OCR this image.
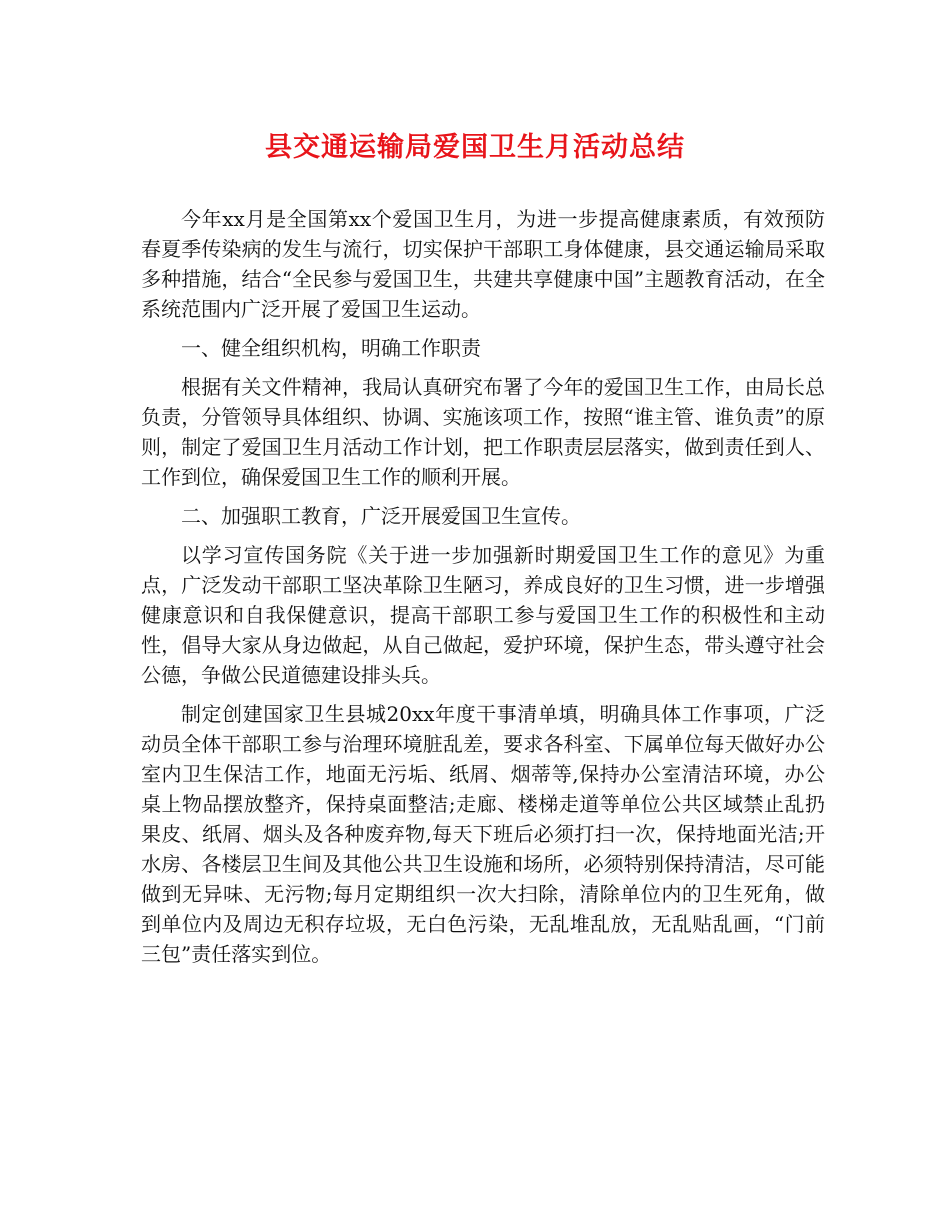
县交通运输局爱国卫生月活动总结

今年xx月是全国第xx个爱国卫生月，为进一步提高健康素质，有效预防春夏季传染病的发生与流行，切实保护干部职工身体健康，县交通运输局采取多种措施，结合“全民参与爱国卫生，共建共享健康中国”主题教育活动，在全系统范围内广泛开展了爱国卫生运动。

一、健全组织机构，明确工作职责

根据有关文件精神，我局认真研究布署了今年的爱国卫生工作，由局长总负责，分管领导具体组织、协调、实施该项工作，按照“谁主管、谁负责”的原则，制定了爱国卫生月活动工作计划，把工作职责层层落实，做到责任到人、工作到位，确保爱国卫生工作的顺利开展。

二、加强职工教育，广泛开展爱国卫生宣传。

以学习宣传国务院《关于进一步加强新时期爱国卫生工作的意见》为重点，广泛发动干部职工坚决革除卫生陋习，养成良好的卫生习惯，进一步增强健康意识和自我保健意识，提高干部职工参与爱国卫生工作的积极性和主动性，倡导大家从身边做起，从自己做起，爱护环境，保护生态，带头遵守社会公德，争做公民道德建设排头兵。

制定创建国家卫生县城20xx年度干事清单填，明确具体工作事项，广泛动员全体干部职工参与治理环境脏乱差，要求各科室、下属单位每天做好办公室内卫生保洁工作，地面无污垢、纸屑、烟蒂等,保持办公室清洁环境，办公桌上物品摆放整齐，保持桌面整洁;走廊、楼梯走道等单位公共区域禁止乱扔果皮、纸屑、烟头及各种废弃物,每天下班后必须打扫一次，保持地面光洁;开水房、各楼层卫生间及其他公共卫生设施和场所，必须特别保持清洁，尽可能做到无异味、无污物;每月定期组织一次大扫除，清除单位内的卫生死角，做到单位内及周边无积存垃圾，无白色污染，无乱堆乱放，无乱贴乱画，“门前三包”责任落实到位。
